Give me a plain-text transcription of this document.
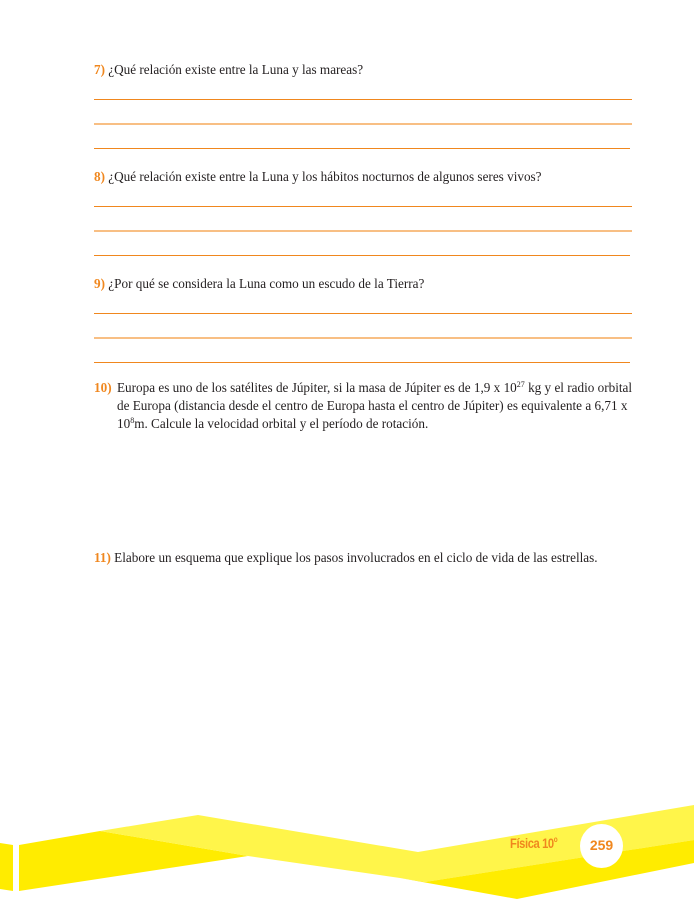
7) ¿Qué relación existe entre la Luna y las mareas?
8) ¿Qué relación existe entre la Luna y los hábitos nocturnos de algunos seres vivos?
9) ¿Por qué se considera la Luna como un escudo de la Tierra?
10) Europa es uno de los satélites de Júpiter, si la masa de Júpiter es de 1,9 x $10^{27}$ kg y el radio orbital
de Europa (distancia desde el centro de Europa hasta el centro de Júpiter) es equivalente a 6,71 x
$10^8m$. Calcule la velocidad orbital y el período de rotación.
11) Elabore un esquema que explique los pasos involucrados en el ciclo de vida de las estrellas.
Física 10$^o$ 259
